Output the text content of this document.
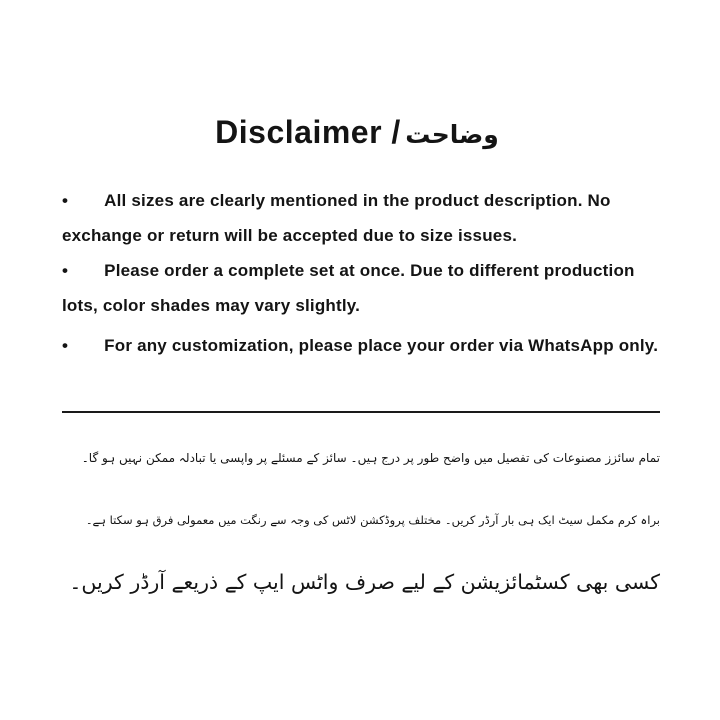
Disclaimer / وضاحت

• All sizes are clearly mentioned in the product description. No exchange or return will be accepted due to size issues.

• Please order a complete set at once. Due to different production lots, color shades may vary slightly.

• For any customization, please place your order via WhatsApp only.

تمام سائزز مصنوعات کی تفصیل میں واضح طور پر درج ہیں۔ سائز کے مسئلے پر واپسی یا تبادلہ ممکن نہیں ہو گا۔
براہ کرم مکمل سیٹ ایک ہی بار آرڈر کریں۔ مختلف پروڈکشن لاٹس کی وجہ سے رنگت میں معمولی فرق ہو سکتا ہے۔
کسی بھی کسٹمائزیشن کے لیے صرف واٹس ایپ کے ذریعے آرڈر کریں۔
